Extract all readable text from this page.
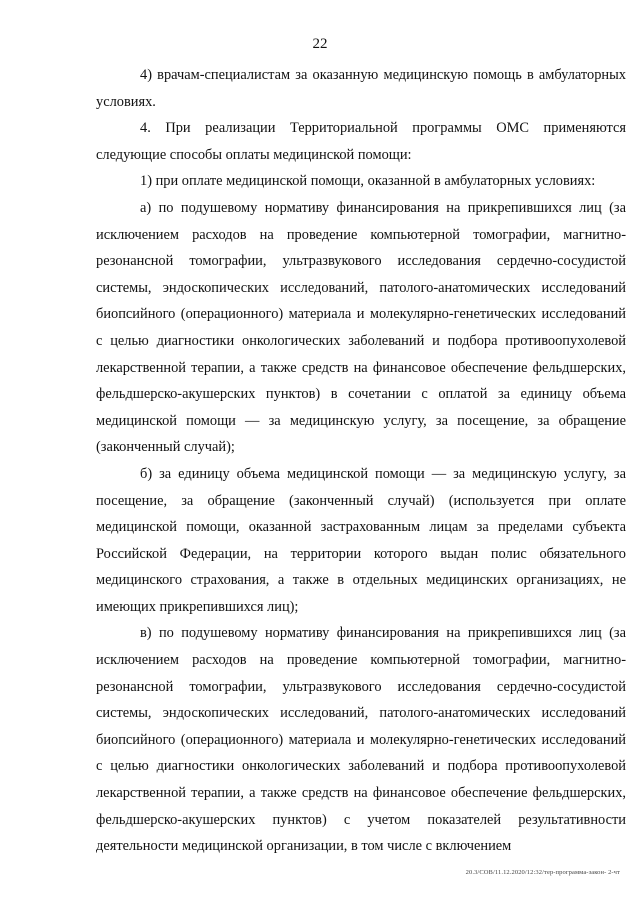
22

4) врачам-специалистам за оказанную медицинскую помощь в амбулаторных условиях.

4. При реализации Территориальной программы ОМС применяются следующие способы оплаты медицинской помощи:

1) при оплате медицинской помощи, оказанной в амбулаторных условиях:

а) по подушевому нормативу финансирования на прикрепившихся лиц (за исключением расходов на проведение компьютерной томографии, магнитно-резонансной томографии, ультразвукового исследования сердечно-сосудистой системы, эндоскопических исследований, патолого-анатомических исследований биопсийного (операционного) материала и молекулярно-генетических исследований с целью диагностики онкологических заболеваний и подбора противоопухолевой лекарственной терапии, а также средств на финансовое обеспечение фельдшерских, фельдшерско-акушерских пунктов) в сочетании с оплатой за единицу объема медицинской помощи — за медицинскую услугу, за посещение, за обращение (законченный случай);

б) за единицу объема медицинской помощи — за медицинскую услугу, за посещение, за обращение (законченный случай) (используется при оплате медицинской помощи, оказанной застрахованным лицам за пределами субъекта Российской Федерации, на территории которого выдан полис обязательного медицинского страхования, а также в отдельных медицинских организациях, не имеющих прикрепившихся лиц);

в) по подушевому нормативу финансирования на прикрепившихся лиц (за исключением расходов на проведение компьютерной томографии, магнитно-резонансной томографии, ультразвукового исследования сердечно-сосудистой системы, эндоскопических исследований, патолого-анатомических исследований биопсийного (операционного) материала и молекулярно-генетических исследований с целью диагностики онкологических заболеваний и подбора противоопухолевой лекарственной терапии, а также средств на финансовое обеспечение фельдшерских, фельдшерско-акушерских пунктов) с учетом показателей результативности деятельности медицинской организации, в том числе с включением

20.3/СОВ/11.12.2020/12:32/тер-программа-закон- 2-чт
